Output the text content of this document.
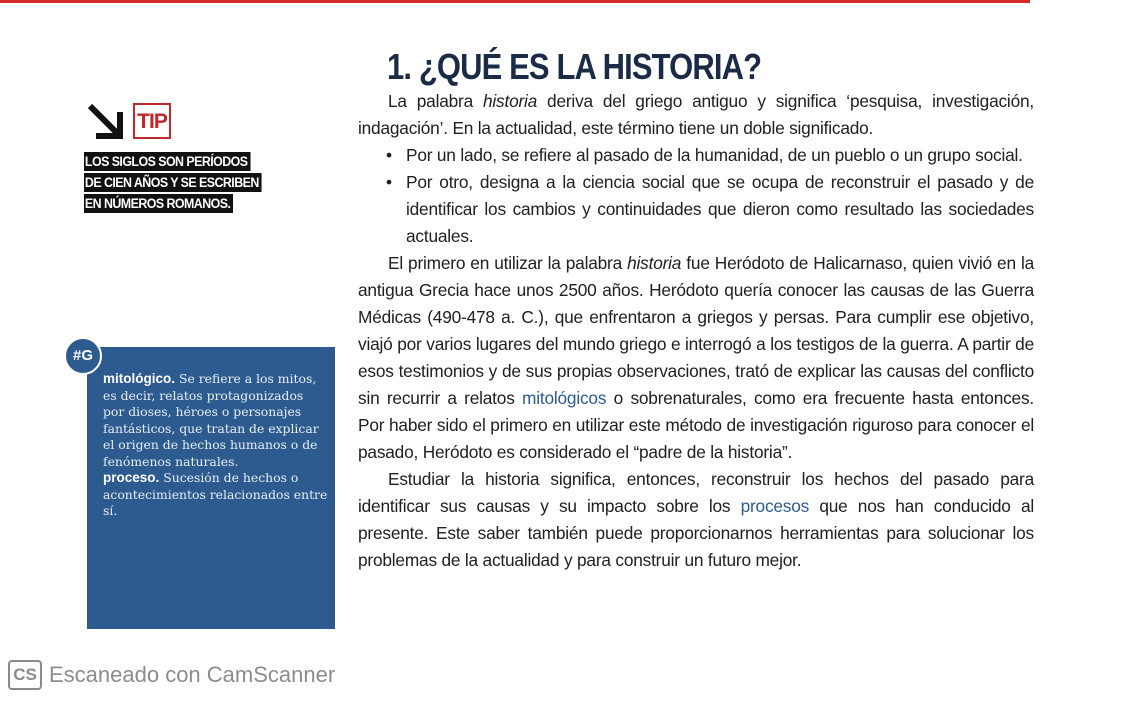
TIP
LOS SIGLOS SON PERÍODOS
DE CIEN AÑOS Y SE ESCRIBEN
EN NÚMEROS ROMANOS.
#G
mitológico. Se refiere a los mitos, es decir, relatos protagonizados por dioses, héroes o personajes fantásticos, que tratan de explicar el origen de hechos humanos o de fenómenos naturales.
proceso. Sucesión de hechos o acontecimientos relacionados entre sí.
1. ¿QUÉ ES LA HISTORIA?

La palabra historia deriva del griego antiguo y significa ‘pesquisa, investigación, indagación’. En la actualidad, este término tiene un doble significado.

• Por un lado, se refiere al pasado de la humanidad, de un pueblo o un grupo social.
• Por otro, designa a la ciencia social que se ocupa de reconstruir el pasado y de identificar los cambios y continuidades que dieron como resultado las sociedades actuales.

El primero en utilizar la palabra historia fue Heródoto de Halicarnaso, quien vivió en la antigua Grecia hace unos 2500 años. Heródoto quería conocer las causas de las Guerra Médicas (490-478 a. C.), que enfrentaron a griegos y persas. Para cumplir ese objetivo, viajó por varios lugares del mundo griego e interrogó a los testigos de la guerra. A partir de esos testimonios y de sus propias observaciones, trató de explicar las causas del conflicto sin recurrir a relatos mitológicos o sobrenaturales, como era frecuente hasta entonces. Por haber sido el primero en utilizar este método de investigación riguroso para conocer el pasado, Heródoto es considerado el “padre de la historia”.

Estudiar la historia significa, entonces, reconstruir los hechos del pasado para identificar sus causas y su impacto sobre los procesos que nos han conducido al presente. Este saber también puede proporcionarnos herramientas para solucionar los problemas de la actualidad y para construir un futuro mejor.

CS Escaneado con CamScanner
